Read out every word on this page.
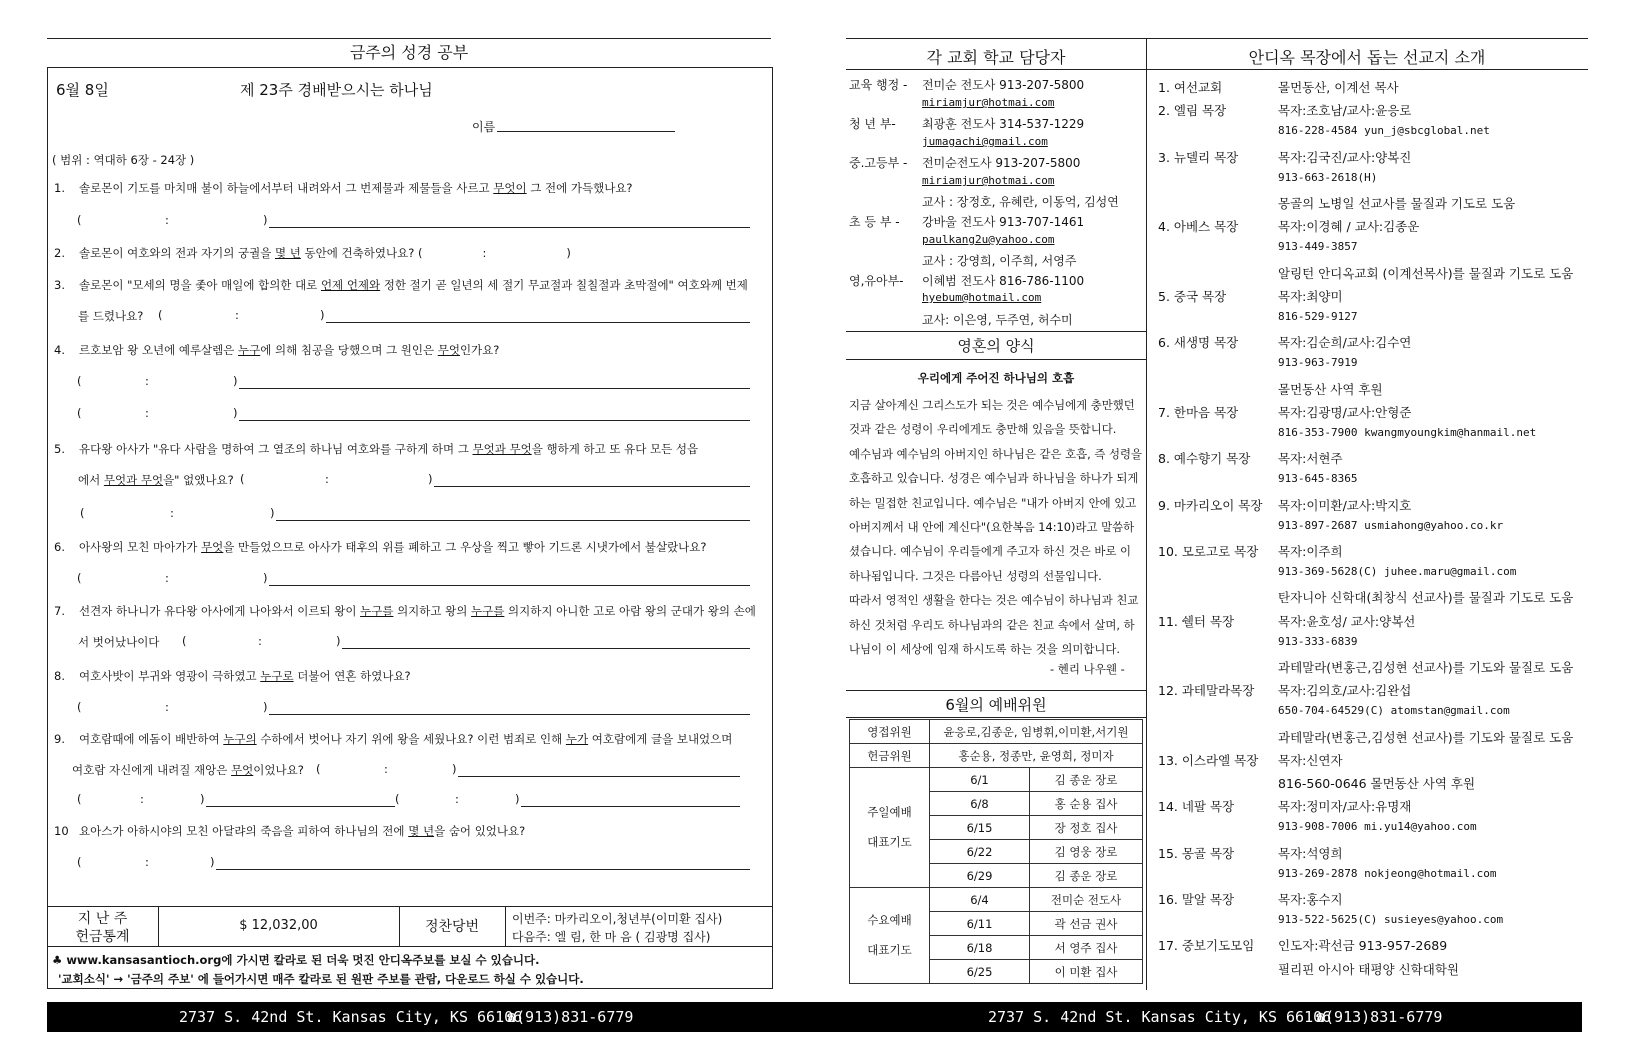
금주의 성경 공부
6월 8일	제 23주 경배받으시는 하나님
이름
( 범위 : 역대하 6장 - 24장 )
1. 솔로몬이 기도를 마치매 불이 하늘에서부터 내려와서 그 번제물과 제물들을 사르고 무엇이 그 전에 가득했나요?
(	:	)
2. 솔로몬이 여호와의 전과 자기의 궁궐을 몇 년 동안에 건축하였나요? (	:	)
3. 솔로몬이 "모세의 명을 좇아 매일에 합의한 대로 언제 언제와 정한 절기 곧 일년의 세 절기 무교절과 칠칠절과 초막절에" 여호와께 번제
를 드렸나요? (	:	)
4. 르호보암 왕 오년에 예루살렘은 누구에 의해 침공을 당했으며 그 원인은 무엇인가요?
(	:	)
(	:	)
5. 유다왕 아사가 "유다 사람을 명하여 그 열조의 하나님 여호와를 구하게 하며 그 무엇과 무엇을 행하게 하고 또 유다 모든 성읍
에서 무엇과 무엇을" 없앴나요? (	:	)
(	:	)
6. 아사왕의 모친 마아가가 무엇을 만들었으므로 아사가 태후의 위를 폐하고 그 우상을 찍고 빻아 기드론 시냇가에서 불살랐나요?
(	:	)
7. 선견자 하나니가 유다왕 아사에게 나아와서 이르되 왕이 누구를 의지하고 왕의 누구를 의지하지 아니한 고로 아람 왕의 군대가 왕의 손에
서 벗어났나이다 (	:	)
8. 여호사밧이 부귀와 영광이 극하였고 누구로 더불어 연혼 하였나요?
(	:	)
9. 여호람때에 에돔이 배반하여 누구의 수하에서 벗어나 자기 위에 왕을 세웠나요? 이런 범죄로 인해 누가 여호람에게 글을 보내었으며
여호람 자신에게 내려질 재앙은 무엇이었나요? (	:	)
(	:	)	(	:	)
10 요아스가 아하시야의 모친 아달랴의 죽음을 피하여 하나님의 전에 몇 년을 숨어 있었나요?
(	:	)
지 난 주
헌금통계
$ 12,032,00	정찬당번	이번주: 마카리오이,청년부(이미환 집사)
다음주: 엘 림, 한 마 음 ( 김광명 집사)
♣ www.kansasantioch.org에 가시면 칼라로 된 더욱 멋진 안디옥주보를 보실 수 있습니다.
'교회소식' → '금주의 주보' 에 들어가시면 매주 칼라로 된 원판 주보를 관람, 다운로드 하실 수 있습니다.
2737 S. 42nd St. Kansas City, KS 66106
☎(913)831-6779
각 교회 학교 담당자
교육 행정 - 전미순 전도사 913-207-5800
miriamjur@hotmai.com
청 년 부- 최광훈 전도사 314-537-1229
jumagachi@gmail.com
중.고등부 - 전미순전도사 913-207-5800
miriamjur@hotmai.com
교사 : 장정호, 유혜란, 이동억, 김성연
초 등 부 - 강바울 전도사 913-707-1461
paulkang2u@yahoo.com
교사 : 강영희, 이주희, 서영주
영,유아부- 이혜범 전도사 816-786-1100
hyebum@hotmail.com
교사: 이은영, 두주연, 허수미
영혼의 양식
우리에게 주어진 하나님의 호흡
지금 살아계신 그리스도가 되는 것은 예수님에게 충만했던
것과 같은 성령이 우리에게도 충만해 있음을 뜻합니다.
예수님과 예수님의 아버지인 하나님은 같은 호흡, 즉 성령을
호흡하고 있습니다. 성경은 예수님과 하나님을 하나가 되게
하는 밀접한 친교입니다. 예수님은 "내가 아버지 안에 있고
아버지께서 내 안에 계신다"(요한복음 14:10)라고 말씀하
셨습니다. 예수님이 우리들에게 주고자 하신 것은 바로 이
하나됨입니다. 그것은 다름아닌 성령의 선물입니다.
따라서 영적인 생활을 한다는 것은 예수님이 하나님과 친교
하신 것처럼 우리도 하나님과의 같은 친교 속에서 살며, 하
나님이 이 세상에 임재 하시도록 하는 것을 의미합니다.
- 헨리 나우웬 -
6월의 예배위원
영접위원	윤응로,김종운, 임병휘,이미환,서기원	
헌금위원	홍순용, 정종만, 윤영희, 정미자	

주일예배
대표기도	6/1	김 종운 장로
	6/8	홍 순용 집사
	6/15	장 정호 집사
	6/22	김 영웅 장로
	6/29	김 종운 장로

수요예배
대표기도	6/4	전미순 전도사
	6/11	곽 선금 권사
	6/18	서 영주 집사
	6/25	이 미환 집사
2737 S. 42nd St. Kansas City, KS 66106
☎(913)831-6779
안디옥 목장에서 돕는 선교지 소개
1. 여선교회	몰먼동산, 이계선 목사
2. 엘림 목장	목자:조호남/교사:윤응로
816-228-4584 yun_j@sbcglobal.net
3. 뉴델리 목장	목자:김국진/교사:양복진
913-663-2618(H)
몽골의 노병일 선교사를 물질과 기도로 도움
4. 아베스 목장	목자:이경혜 / 교사:김종운
913-449-3857
알링턴 안디옥교회 (이계선목사)를 물질과 기도로 도움
5. 중국 목장	목자:최양미
816-529-9127
6. 새생명 목장	목자:김순희/교사:김수연
913-963-7919
몰먼동산 사역 후원
7. 한마음 목장	목자:김광명/교사:안형준
816-353-7900 kwangmyoungkim@hanmail.net
8. 예수향기 목장 목자:서현주
913-645-8365
9. 마카리오이 목장 목자:이미환/교사:박지호
913-897-2687 usmiahong@yahoo.co.kr
10. 모로고로 목장 목자:이주희
913-369-5628(C) juhee.maru@gmail.com
탄자니아 신학대(최창식 선교사)를 물질과 기도로 도움
11. 쉘터 목장	목자:윤호성/ 교사:양복선
913-333-6839
과테말라(변홍근,김성현 선교사)를 기도와 물질로 도움
12. 과테말라목장 목자:김의호/교사:김완섭
650-704-64529(C) atomstan@gmail.com
과테말라(변홍근,김성현 선교사)를 기도와 물질로 도움
13. 이스라엘 목장 목자:신연자
816-560-0646 몰먼동산 사역 후원
14. 네팔 목장	목자:정미자/교사:유명재
913-908-7006 mi.yu14@yahoo.com
15. 몽골 목장	목자:석영희
913-269-2878 nokjeong@hotmail.com
16. 말알 목장	목자:홍수지
913-522-5625(C) susieyes@yahoo.com
17. 중보기도모임 인도자:곽선금 913-957-2689
필리핀 아시아 태평양 신학대학원
